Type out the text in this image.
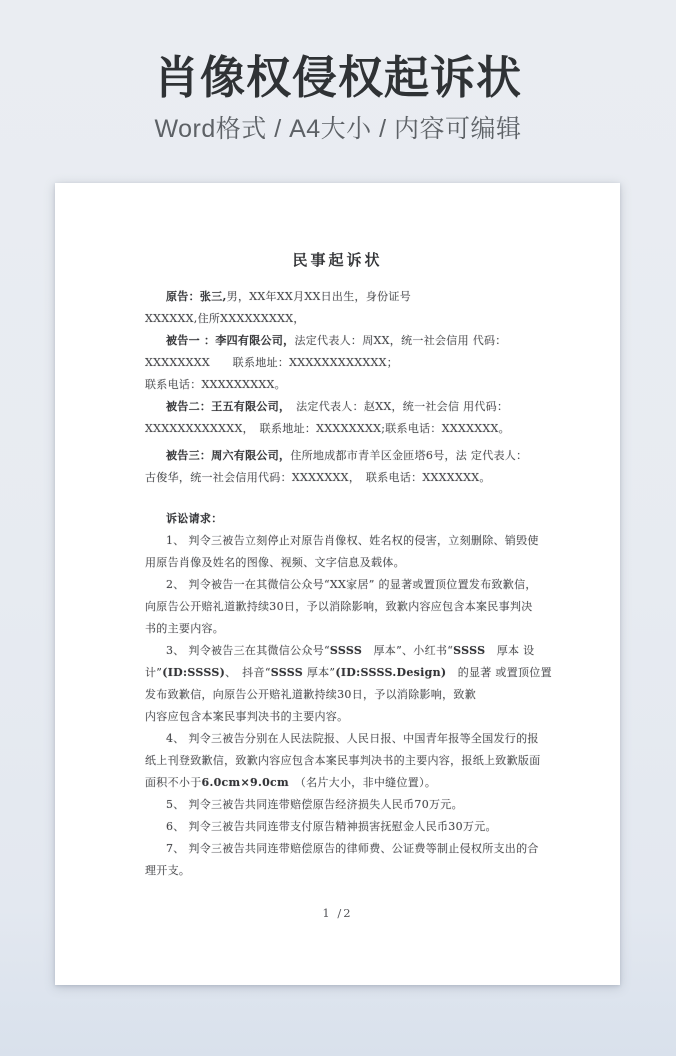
肖像权侵权起诉状

Word格式 / A4大小 / 内容可编辑

民事起诉状
原告：张三,男，XX年XX月XX日出生，身份证号
XXXXXX,住所XXXXXXXXX，
被告一 ：李四有限公司，法定代表人：周XX，统一社会信用 代码：
XXXXXXXX　　联系地址：XXXXXXXXXXXX；
联系电话：XXXXXXXXX。
被告二：王五有限公司，　法定代表人：赵XX，统一社会信 用代码：
XXXXXXXXXXXX，　联系地址：XXXXXXXX;联系电话：XXXXXXX。
被告三：周六有限公司，住所地成都市青羊区金匝塔6号，法 定代表人：
古俊华，统一社会信用代码：XXXXXXX，　联系电话：XXXXXXX。
诉讼请求：
1、 判令三被告立刻停止对原告肖像权、姓名权的侵害，立刻删除、销毁使
用原告肖像及姓名的图像、视频、文字信息及载体。
2、 判令被告一在其微信公众号“XX家居” 的显著或置顶位置发布致歉信，
向原告公开赔礼道歉持续30日，予以消除影响，致歉内容应包含本案民事判决
书的主要内容。
3、 判令被告三在其微信公众号“SSSS　厚本”、小红书“SSSS　厚本 设
计”(ID:SSSS)、　抖音“SSSS 厚本”(ID:SSSS.Design)　的显著 或置顶位置
发布致歉信，向原告公开赔礼道歉持续30日，予以消除影响，致歉
内容应包含本案民事判决书的主要内容。
4、 判令三被告分别在人民法院报、人民日报、中国青年报等全国发行的报
纸上刊登致歉信，致歉内容应包含本案民事判决书的主要内容，报纸上致歉版面
面积不小于6.0cm×9.0cm　（名片大小，非中缝位置）。
5、 判令三被告共同连带赔偿原告经济损失人民币70万元。
6、 判令三被告共同连带支付原告精神损害抚慰金人民币30万元。
7、 判令三被告共同连带赔偿原告的律师费、公证费等制止侵权所支出的合
理开支。
1 /2
